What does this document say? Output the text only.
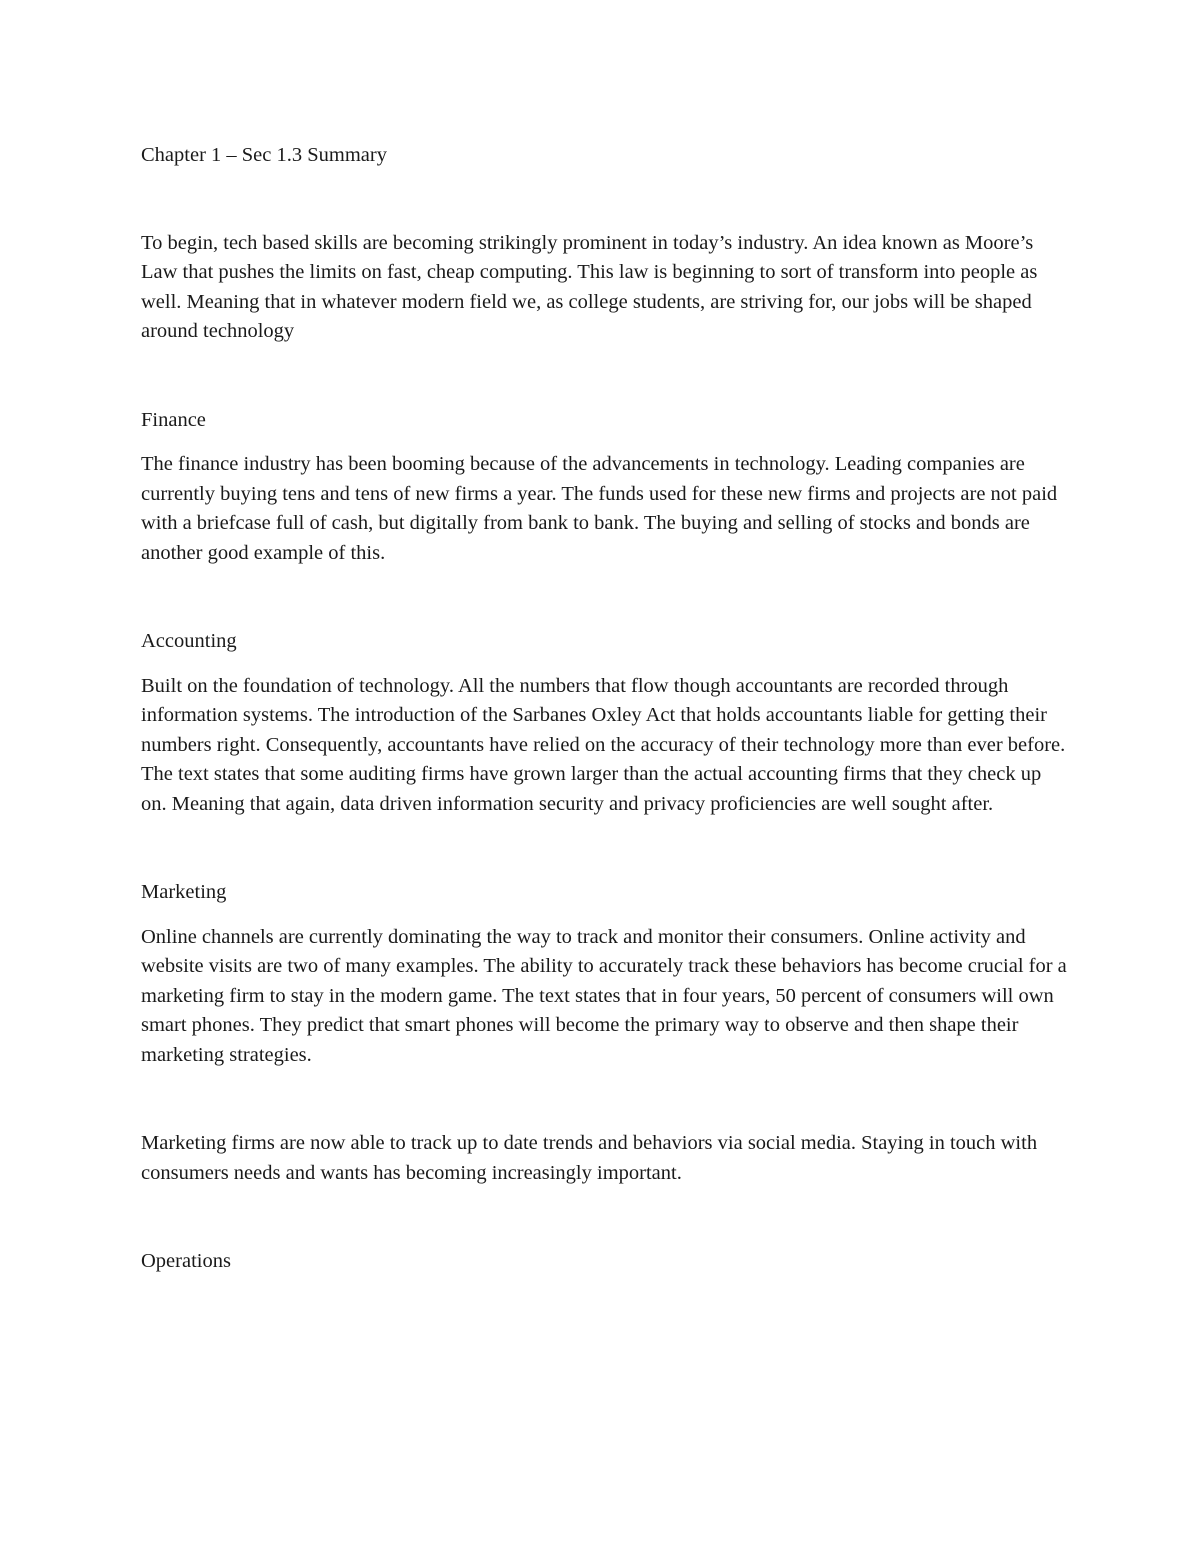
Chapter 1 – Sec 1.3 Summary

To begin, tech based skills are becoming strikingly prominent in today’s industry. An idea known as Moore’s Law that pushes the limits on fast, cheap computing. This law is beginning to sort of transform into people as well. Meaning that in whatever modern field we, as college students, are striving for, our jobs will be shaped around technology

Finance

The finance industry has been booming because of the advancements in technology. Leading companies are currently buying tens and tens of new firms a year. The funds used for these new firms and projects are not paid with a briefcase full of cash, but digitally from bank to bank. The buying and selling of stocks and bonds are another good example of this.

Accounting

Built on the foundation of technology. All the numbers that flow though accountants are recorded through information systems. The introduction of the Sarbanes Oxley Act that holds accountants liable for getting their numbers right. Consequently, accountants have relied on the accuracy of their technology more than ever before. The text states that some auditing firms have grown larger than the actual accounting firms that they check up on. Meaning that again, data driven information security and privacy proficiencies are well sought after.

Marketing

Online channels are currently dominating the way to track and monitor their consumers. Online activity and website visits are two of many examples. The ability to accurately track these behaviors has become crucial for a marketing firm to stay in the modern game. The text states that in four years, 50 percent of consumers will own smart phones. They predict that smart phones will become the primary way to observe and then shape their marketing strategies.

Marketing firms are now able to track up to date trends and behaviors via social media. Staying in touch with consumers needs and wants has becoming increasingly important.

Operations
